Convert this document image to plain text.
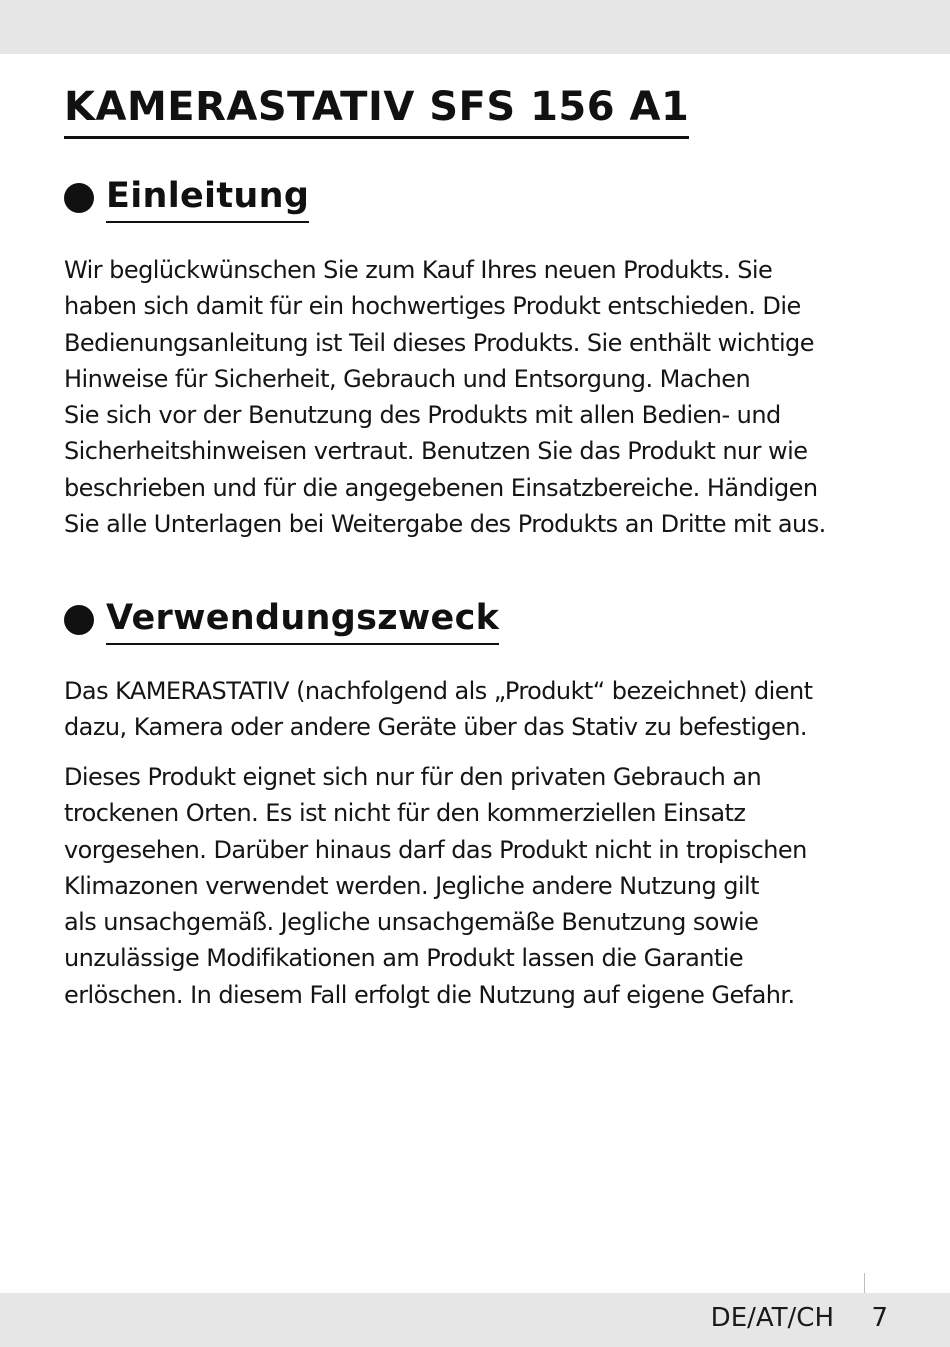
KAMERASTATIV SFS 156 A1
Einleitung

Wir beglückwünschen Sie zum Kauf Ihres neuen Produkts. Sie
haben sich damit für ein hochwertiges Produkt entschieden. Die
Bedienungsanleitung ist Teil dieses Produkts. Sie enthält wichtige
Hinweise für Sicherheit, Gebrauch und Entsorgung. Machen
Sie sich vor der Benutzung des Produkts mit allen Bedien- und
Sicherheitshinweisen vertraut. Benutzen Sie das Produkt nur wie
beschrieben und für die angegebenen Einsatzbereiche. Händigen
Sie alle Unterlagen bei Weitergabe des Produkts an Dritte mit aus.

Verwendungszweck

Das KAMERASTATIV (nachfolgend als „Produkt“ bezeichnet) dient
dazu, Kamera oder andere Geräte über das Stativ zu befestigen.

Dieses Produkt eignet sich nur für den privaten Gebrauch an
trockenen Orten. Es ist nicht für den kommerziellen Einsatz
vorgesehen. Darüber hinaus darf das Produkt nicht in tropischen
Klimazonen verwendet werden. Jegliche andere Nutzung gilt
als unsachgemäß. Jegliche unsachgemäße Benutzung sowie
unzulässige Modifikationen am Produkt lassen die Garantie
erlöschen. In diesem Fall erfolgt die Nutzung auf eigene Gefahr.

DE/AT/CH 7
